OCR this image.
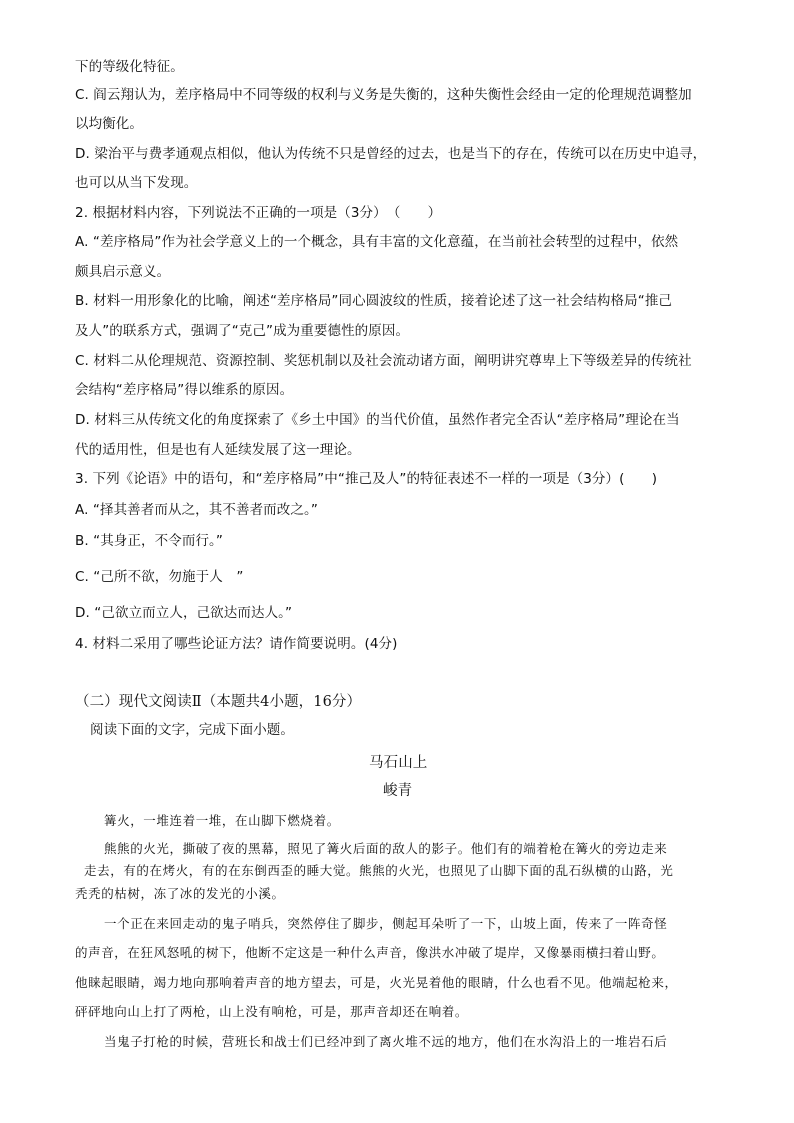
下的等级化特征。
C. 阎云翔认为，差序格局中不同等级的权利与义务是失衡的，这种失衡性会经由一定的伦理规范调整加
以均衡化。
D. 梁治平与费孝通观点相似，他认为传统不只是曾经的过去，也是当下的存在，传统可以在历史中追寻，
也可以从当下发现。
2. 根据材料内容，下列说法不正确的一项是（3分）　（　　）
A. “差序格局”作为社会学意义上的一个概念，具有丰富的文化意蕴，在当前社会转型的过程中，依然
颇具启示意义。
B. 材料一用形象化的比喻，阐述“差序格局”同心圆波纹的性质，接着论述了这一社会结构格局“推己
及人”的联系方式，强调了“克己”成为重要德性的原因。
C. 材料二从伦理规范、资源控制、奖惩机制以及社会流动诸方面，阐明讲究尊卑上下等级差异的传统社
会结构“差序格局”得以维系的原因。
D. 材料三从传统文化的角度探索了《乡土中国》的当代价值，虽然作者完全否认“差序格局”理论在当
代的适用性，但是也有人延续发展了这一理论。
3. 下列《论语》中的语句，和“差序格局”中“推己及人”的特征表述不一样的一项是（3分）(　　)
A. “择其善者而从之，其不善者而改之。”
B. “其身正，不令而行。”
C. “己所不欲，勿施于人　”
D. “己欲立而立人，己欲达而达人。”
4. 材料二采用了哪些论证方法？请作简要说明。(4分)
（二）现代文阅读Ⅱ（本题共4小题，16分）
阅读下面的文字，完成下面小题。
马石山上
峻青
篝火，一堆连着一堆，在山脚下燃烧着。
熊熊的火光，撕破了夜的黑幕，照见了篝火后面的敌人的影子。他们有的端着枪在篝火的旁边走来
走去，有的在烤火，有的在东倒西歪的睡大觉。熊熊的火光，也照见了山脚下面的乱石纵横的山路，光
秃秃的枯树，冻了冰的发光的小溪。
一个正在来回走动的鬼子哨兵，突然停住了脚步，侧起耳朵听了一下，山坡上面，传来了一阵奇怪
的声音，在狂风怒吼的树下，他断不定这是一种什么声音，像洪水冲破了堤岸，又像暴雨横扫着山野。
他睐起眼睛，竭力地向那响着声音的地方望去，可是，火光晃着他的眼睛，什么也看不见。他端起枪来，
砰砰地向山上打了两枪，山上没有响枪，可是，那声音却还在响着。
当鬼子打枪的时候，营班长和战士们已经冲到了离火堆不远的地方，他们在水沟沿上的一堆岩石后
